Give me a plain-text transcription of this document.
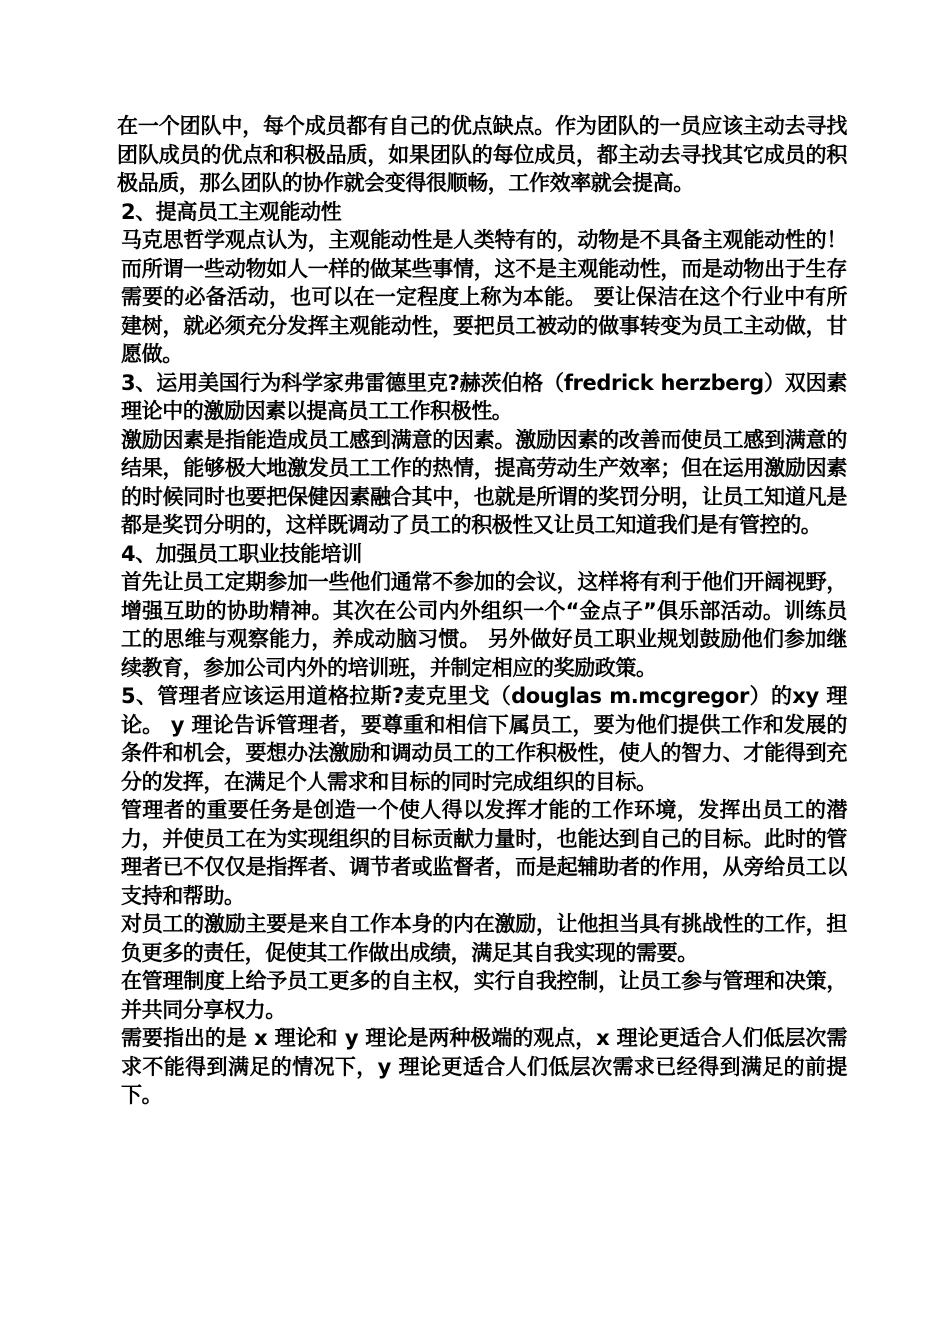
在一个团队中，每个成员都有自己的优点缺点。作为团队的一员应该主动去寻找团队成员的优点和积极品质，如果团队的每位成员，都主动去寻找其它成员的积极品质，那么团队的协作就会变得很顺畅，工作效率就会提高。

2、提高员工主观能动性

马克思哲学观点认为，主观能动性是人类特有的，动物是不具备主观能动性的！而所谓一些动物如人一样的做某些事情，这不是主观能动性，而是动物出于生存需要的必备活动，也可以在一定程度上称为本能。 要让保洁在这个行业中有所建树，就必须充分发挥主观能动性，要把员工被动的做事转变为员工主动做，甘愿做。

3、运用美国行为科学家弗雷德里克?赫茨伯格（fredrick herzberg）双因素理论中的激励因素以提高员工工作积极性。

激励因素是指能造成员工感到满意的因素。激励因素的改善而使员工感到满意的结果，能够极大地激发员工工作的热情，提高劳动生产效率；但在运用激励因素的时候同时也要把保健因素融合其中，也就是所谓的奖罚分明，让员工知道凡是都是奖罚分明的，这样既调动了员工的积极性又让员工知道我们是有管控的。

4、加强员工职业技能培训

首先让员工定期参加一些他们通常不参加的会议，这样将有利于他们开阔视野，增强互助的协助精神。其次在公司内外组织一个“金点子”俱乐部活动。训练员工的思维与观察能力，养成动脑习惯。 另外做好员工职业规划鼓励他们参加继续教育，参加公司内外的培训班，并制定相应的奖励政策。

5、管理者应该运用道格拉斯?麦克里戈（douglas m.mcgregor）的xy 理论。 y 理论告诉管理者，要尊重和相信下属员工，要为他们提供工作和发展的条件和机会，要想办法激励和调动员工的工作积极性，使人的智力、才能得到充分的发挥，在满足个人需求和目标的同时完成组织的目标。

管理者的重要任务是创造一个使人得以发挥才能的工作环境，发挥出员工的潜力，并使员工在为实现组织的目标贡献力量时，也能达到自己的目标。此时的管理者已不仅仅是指挥者、调节者或监督者，而是起辅助者的作用，从旁给员工以支持和帮助。

对员工的激励主要是来自工作本身的内在激励，让他担当具有挑战性的工作，担负更多的责任，促使其工作做出成绩，满足其自我实现的需要。

在管理制度上给予员工更多的自主权，实行自我控制，让员工参与管理和决策，并共同分享权力。

需要指出的是 x 理论和 y 理论是两种极端的观点，x 理论更适合人们低层次需求不能得到满足的情况下，y 理论更适合人们低层次需求已经得到满足的前提下。
